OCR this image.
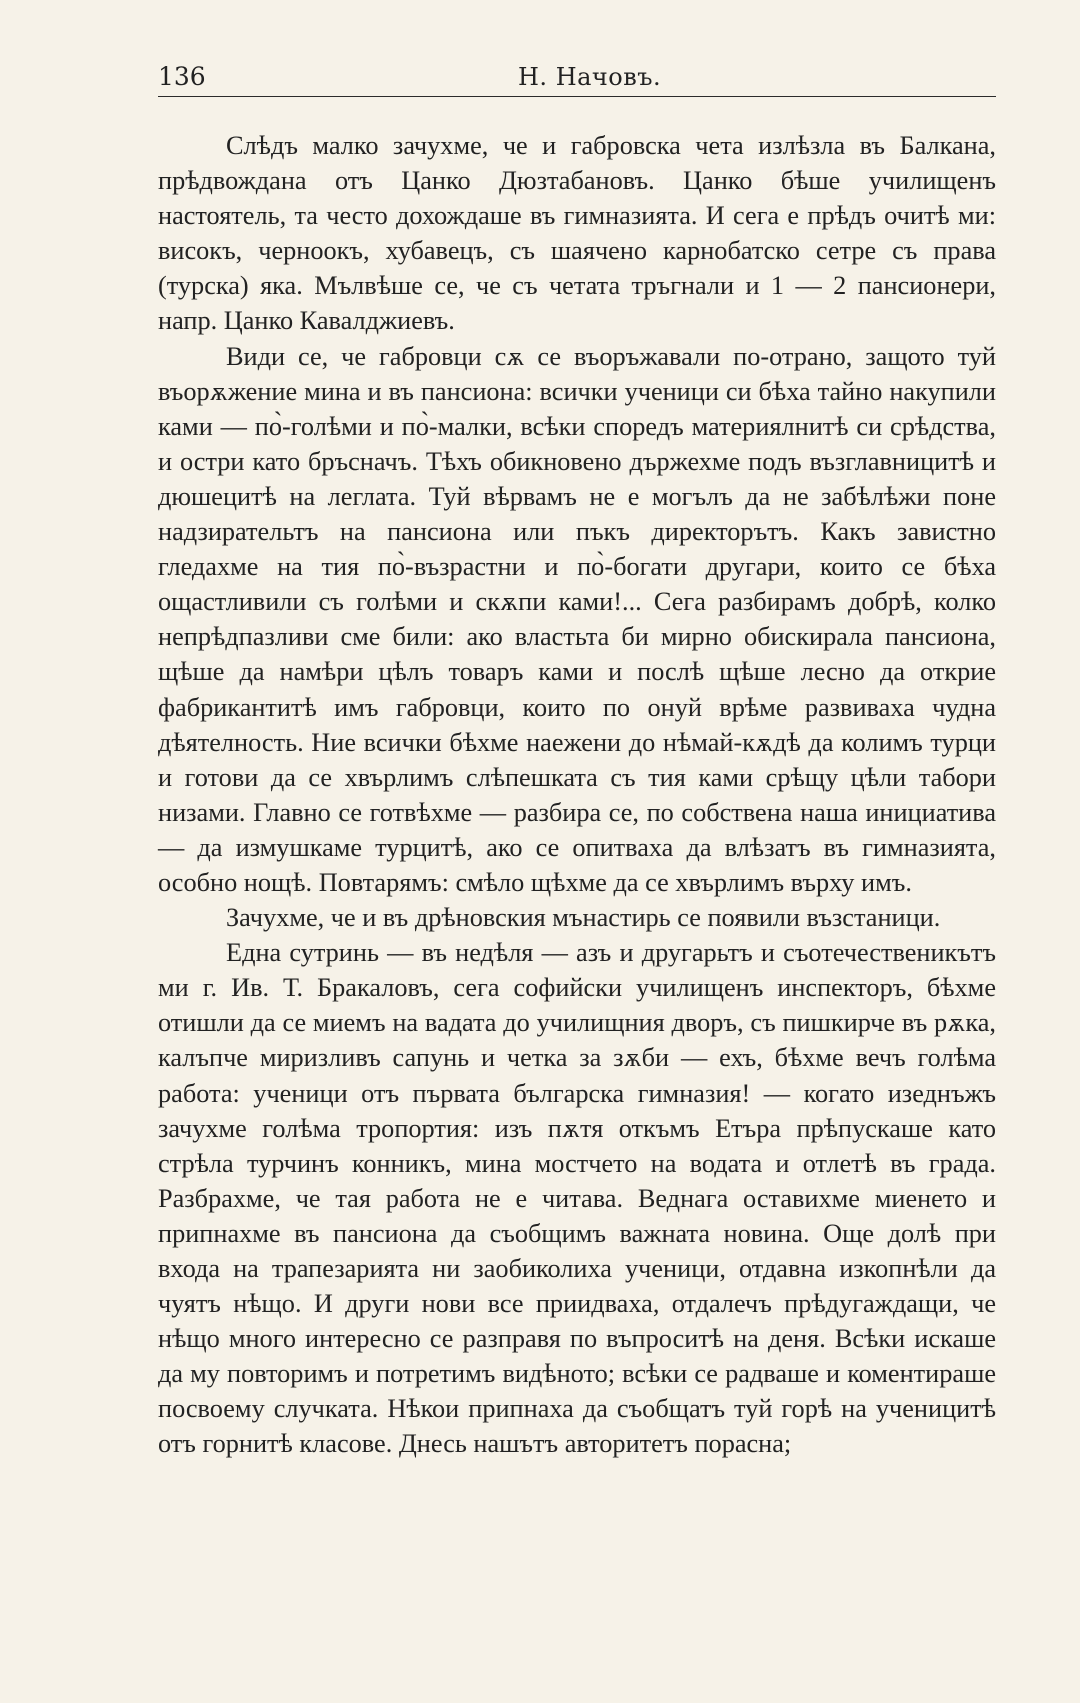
136	Н. Начовъ.

Слѣдъ малко зачухме, че и габровска чета излѣзла въ Балкана, прѣдвождана отъ Цанко Дюзтабановъ. Цанко бѣше училищенъ настоятель, та често дохождаше въ гимназията. И сега е прѣдъ очитѣ ми: високъ, черноокъ, хубавецъ, съ шаячено карнобатско сетре съ права (турска) яка. Мълвѣше се, че съ четата тръгнали и 1 — 2 пансионери, напр. Цанко Кавалджиевъ.

Види се, че габровци сѫ се въоръжавали по-отрано, защото туй въорѫжение мина и въ пансиона: всички ученици си бѣха тайно накупили ками — по̀-голѣми и по̀-малки, всѣки споредъ материялнитѣ си срѣдства, и остри като бръсначъ. Тѣхъ обикновено държехме подъ възглавницитѣ и дюшецитѣ на леглата. Туй вѣрвамъ не е могълъ да не забѣлѣжи поне надзирательтъ на пансиона или пъкъ директорътъ. Какъ завистно гледахме на тия по̀-възрастни и по̀-богати другари, които се бѣха ощастливили съ голѣми и скѫпи ками!... Сега разбирамъ добрѣ, колко непрѣдпазливи сме били: ако властьта би мирно обискирала пансиона, щѣше да намѣри цѣлъ товаръ ками и послѣ щѣше лесно да открие фабрикантитѣ имъ габровци, които по онуй врѣме развиваха чудна дѣятелность. Ние всички бѣхме наежени до нѣмай-кѫдѣ да колимъ турци и готови да се хвърлимъ слѣпешката съ тия ками срѣщу цѣли табори низами. Главно се готвѣхме — разбира се, по собствена наша инициатива — да измушкаме турцитѣ, ако се опитваха да влѣзатъ въ гимназията, особно нощѣ. Повтарямъ: смѣло щѣхме да се хвърлимъ върху имъ.

Зачухме, че и въ дрѣновския мънастирь се появили възстаници.

Една сутринь — въ недѣля — азъ и другарьтъ и съотечественикътъ ми г. Ив. Т. Бракаловъ, сега софийски училищенъ инспекторъ, бѣхме отишли да се миемъ на вадата до училищния дворъ, съ пишкирче въ рѫка, калъпче миризливъ сапунь и четка за зѫби — ехъ, бѣхме вечъ голѣма работа: ученици отъ първата българска гимназия! — когато изеднъжъ зачухме голѣма тропортия: изъ пѫтя откъмъ Етъра прѣпускаше като стрѣла турчинъ конникъ, мина мостчето на водата и отлетѣ въ града. Разбрахме, че тая работа не е читава. Веднага оставихме миенето и припнахме въ пансиона да съобщимъ важната новина. Още долѣ при входа на трапезарията ни заобиколиха ученици, отдавна изкопнѣли да чуятъ нѣщо. И други нови все приидваха, отдалечъ прѣдугаждащи, че нѣщо много интересно се разправя по въпроситѣ на деня. Всѣки искаше да му повторимъ и потретимъ видѣното; всѣки се радваше и коментираше посвоему случката. Нѣкои припнаха да съобщатъ туй горѣ на ученицитѣ отъ горнитѣ класове. Днесь нашътъ авторитетъ порасна;
